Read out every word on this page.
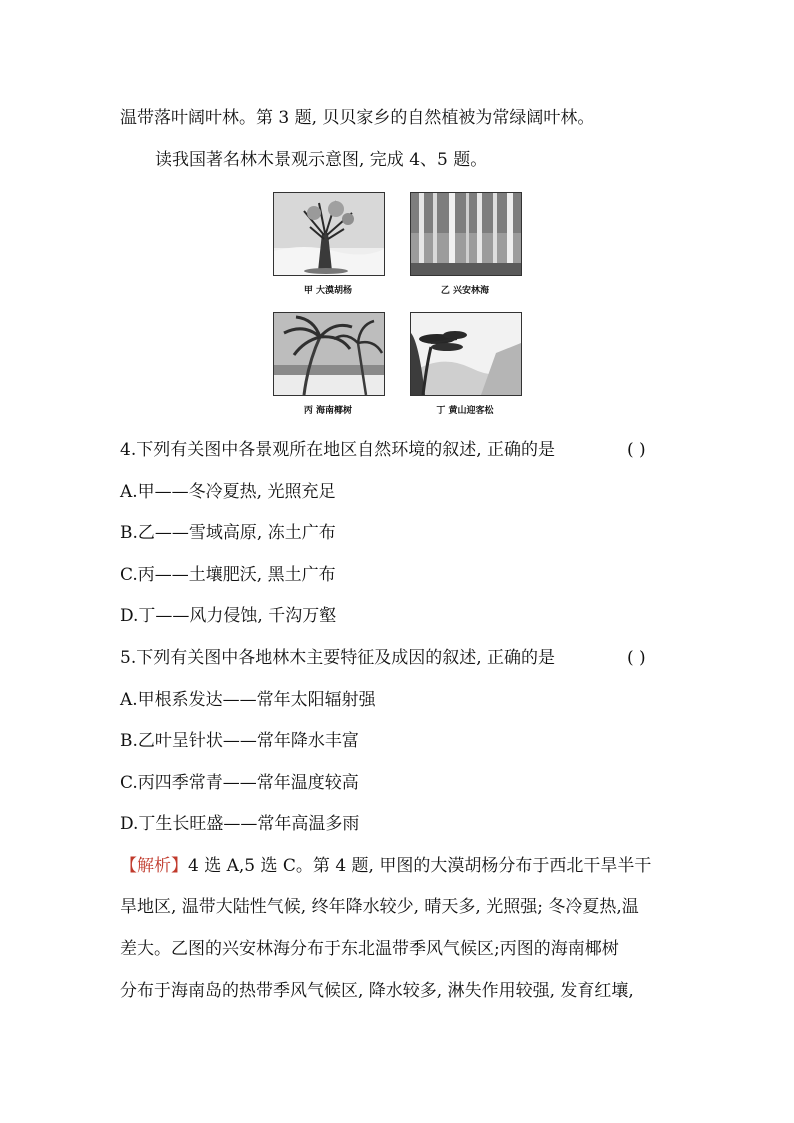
温带落叶阔叶林。第 3 题, 贝贝家乡的自然植被为常绿阔叶林。
读我国著名林木景观示意图, 完成 4、5 题。
甲 大漠胡杨	乙 兴安林海
丙 海南椰树	丁 黄山迎客松
4.下列有关图中各景观所在地区自然环境的叙述, 正确的是	( )
A.甲——冬冷夏热, 光照充足
B.乙——雪域高原, 冻土广布
C.丙——土壤肥沃, 黑土广布
D.丁——风力侵蚀, 千沟万壑
5.下列有关图中各地林木主要特征及成因的叙述, 正确的是	( )
A.甲根系发达——常年太阳辐射强
B.乙叶呈针状——常年降水丰富
C.丙四季常青——常年温度较高
D.丁生长旺盛——常年高温多雨
【解析】4 选 A,5 选 C。第 4 题, 甲图的大漠胡杨分布于西北干旱半干
旱地区, 温带大陆性气候, 终年降水较少, 晴天多, 光照强; 冬冷夏热,温
差大。乙图的兴安林海分布于东北温带季风气候区;丙图的海南椰树
分布于海南岛的热带季风气候区, 降水较多, 淋失作用较强, 发育红壤,
